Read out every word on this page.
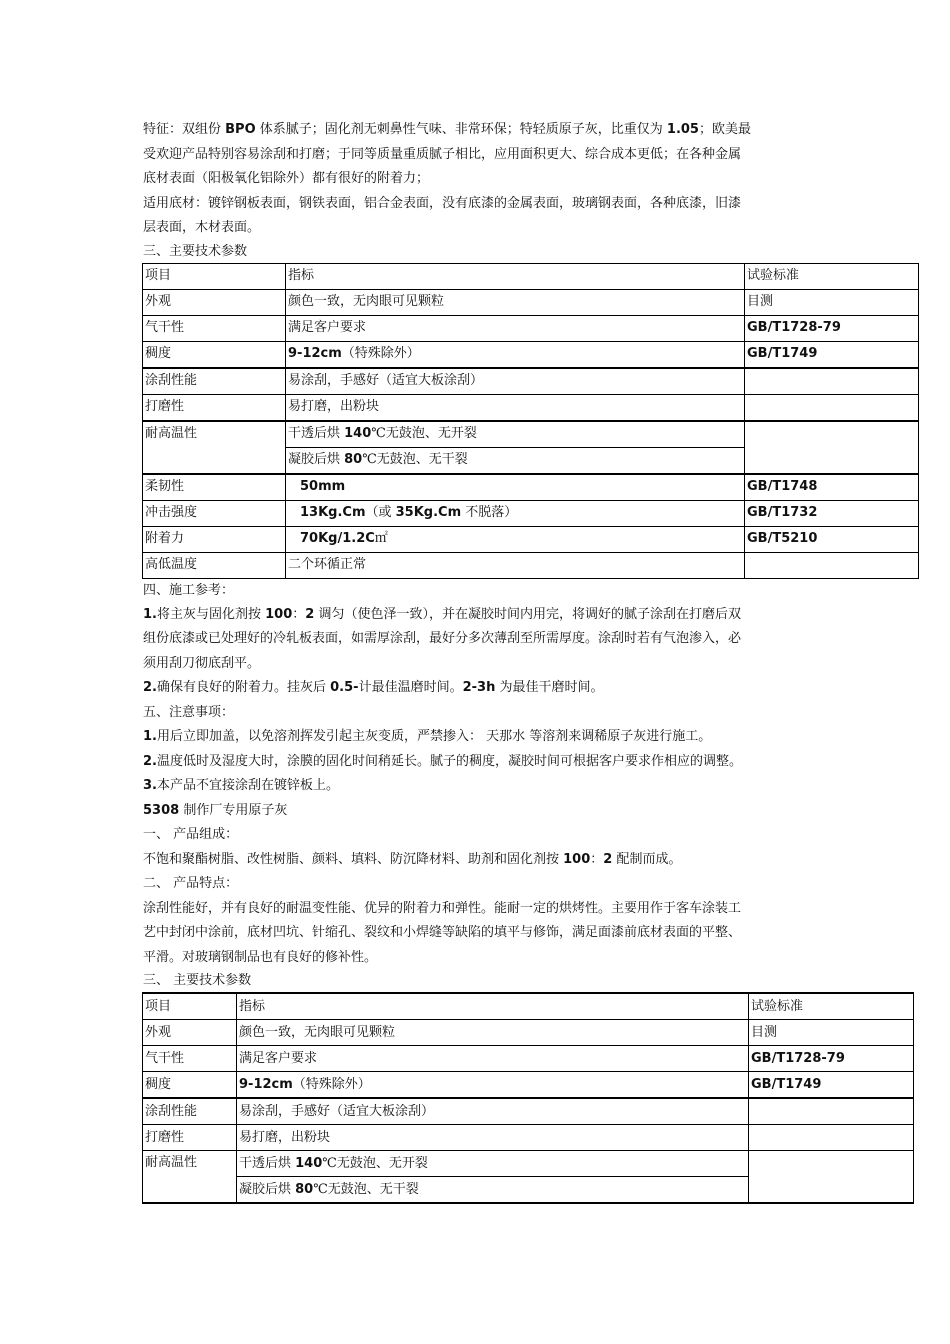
特征：双组份 BPO 体系腻子；固化剂无刺鼻性气味、非常环保；特轻质原子灰，比重仅为 1.05；欧美最

受欢迎产品特别容易涂刮和打磨；于同等质量重质腻子相比，应用面积更大、综合成本更低；在各种金属

底材表面（阳极氧化铝除外）都有很好的附着力；

适用底材：镀锌钢板表面，钢铁表面，铝合金表面，没有底漆的金属表面，玻璃钢表面，各种底漆，旧漆

层表面，木材表面。

三、主要技术参数

项目	指标	试验标准
外观	颜色一致，无肉眼可见颗粒	目测
气干性	满足客户要求	GB/T1728-79
稠度	9-12cm（特殊除外）	GB/T1749
涂刮性能	易涂刮，手感好（适宜大板涂刮）	
打磨性	易打磨，出粉块	
耐高温性	干透后烘 140℃无鼓泡、无开裂	
	凝胶后烘 80℃无鼓泡、无干裂	
柔韧性	50mm	GB/T1748
冲击强度	13Kg.Cm（或 35Kg.Cm 不脱落）	GB/T1732
附着力	70Kg/1.2C㎡	GB/T5210
高低温度	二个环循正常	

四、施工参考：

1.将主灰与固化剂按 100：2 调匀（使色泽一致），并在凝胶时间内用完，将调好的腻子涂刮在打磨后双

组份底漆或已处理好的冷轧板表面，如需厚涂刮，最好分多次薄刮至所需厚度。涂刮时若有气泡渗入，必

须用刮刀彻底刮平。

2.确保有良好的附着力。挂灰后 0.5-计最佳温磨时间。2-3h 为最佳干磨时间。

五、注意事项：

1.用后立即加盖，以免溶剂挥发引起主灰变质，严禁掺入： 天那水 等溶剂来调稀原子灰进行施工。

2.温度低时及湿度大时，涂膜的固化时间稍延长。腻子的稠度，凝胶时间可根据客户要求作相应的调整。

3.本产品不宜接涂刮在镀锌板上。

5308 制作厂专用原子灰

一、 产品组成：

不饱和聚酯树脂、改性树脂、颜料、填料、防沉降材料、助剂和固化剂按 100：2 配制而成。

二、 产品特点：

涂刮性能好，并有良好的耐温变性能、优异的附着力和弹性。能耐一定的烘烤性。主要用作于客车涂装工

艺中封闭中涂前，底材凹坑、针缩孔、裂纹和小焊缝等缺陷的填平与修饰，满足面漆前底材表面的平整、

平滑。对玻璃钢制品也有良好的修补性。

三、 主要技术参数

项目	指标	试验标准
外观	颜色一致，无肉眼可见颗粒	目测
气干性	满足客户要求	GB/T1728-79
稠度	9-12cm（特殊除外）	GB/T1749
涂刮性能	易涂刮，手感好（适宜大板涂刮）	
打磨性	易打磨，出粉块	
耐高温性	干透后烘 140℃无鼓泡、无开裂	
	凝胶后烘 80℃无鼓泡、无干裂	
